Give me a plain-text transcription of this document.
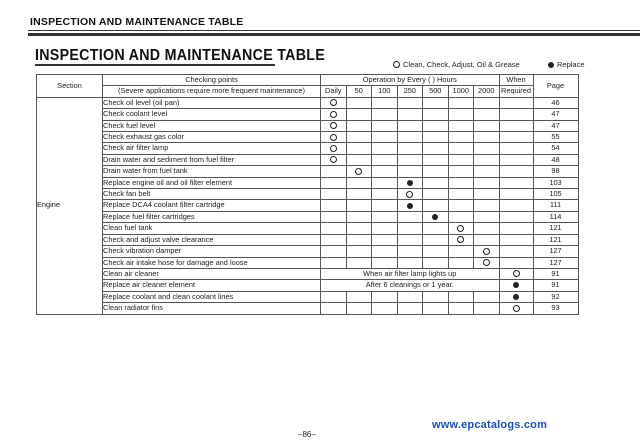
INSPECTION AND MAINTENANCE TABLE
INSPECTION AND MAINTENANCE TABLE
Clean, Check, Adjust, Oil & Grease	Replace
Section	Checking points	Operation by Every ( ) Hours							When	Page
	(Severe applications require more frequent maintenance)	Daily	50	100	250	500	1000	2000	Required	
Engine	Check oil level (oil pan)									46
	Check coolant level									47
	Check fuel level									47
	Check exhaust gas color									55
	Check air filter lamp									54
	Drain water and sediment from fuel filter									48
	Drain water from fuel tank									98
	Replace engine oil and oil filter element									103
	Check fan belt									105
	Replace DCA4 coolant filter cartridge									111
	Replace fuel filter cartridges									114
	Clean fuel tank									121
	Check and adjust valve clearance									121
	Check vibration damper									127
	Check air intake hose for damage and loose									127
	Clean air cleaner	When air filter lamp lights up								91
	Replace air cleaner element	After 6 cleanings or 1 year.								91
	Replace coolant and clean coolant lines									92
	Clean radiator fins									93
–86–
www.epcatalogs.com
